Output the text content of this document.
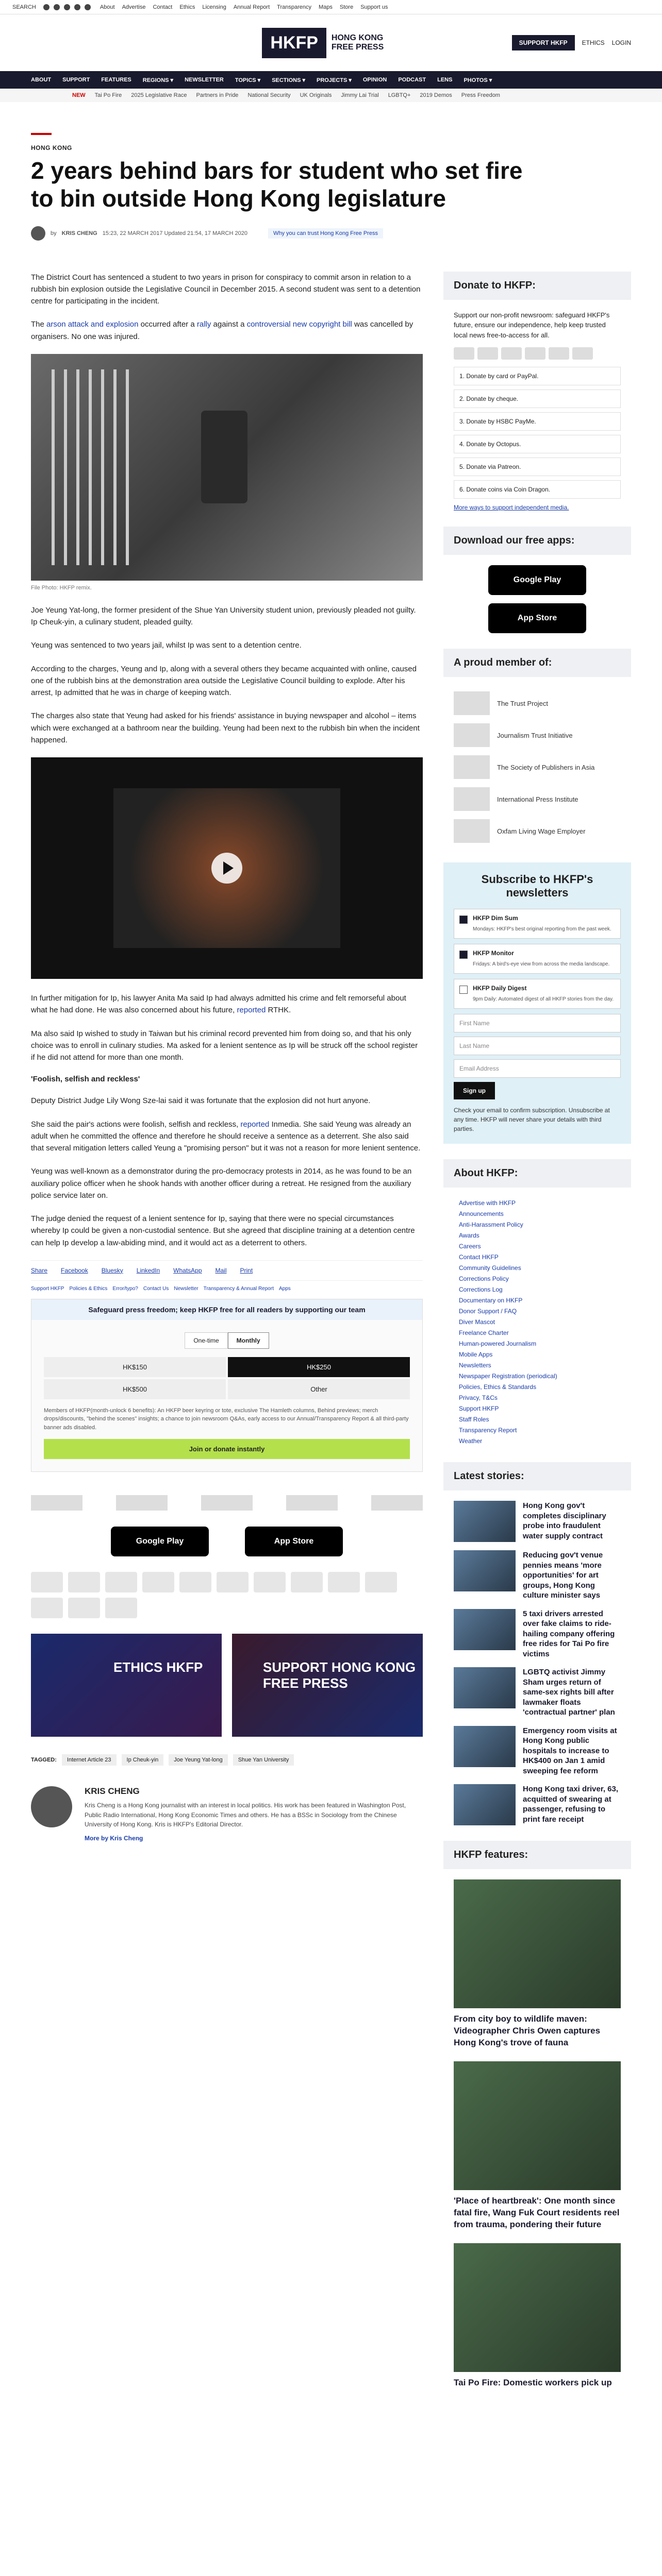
SEARCH	About Advertise Contact Ethics Licensing Annual Report Transparency Maps Store Support us
HKFP	HONG KONG
FREE PRESS	SUPPORT HKFP	ETHICS LOGIN
ABOUT SUPPORT FEATURES REGIONS ▾ NEWSLETTER TOPICS ▾ SECTIONS ▾ PROJECTS ▾ OPINION PODCAST LENS PHOTOS ▾
NEW Tai Po Fire 2025 Legislative Race Partners in Pride National Security UK Originals Jimmy Lai Trial LGBTQ+ 2019 Demos Press Freedom
HONG KONG
2 years behind bars for student who set fire to bin outside Hong Kong legislature
by KRIS CHENG 15:23, 22 MARCH 2017 Updated 21:54, 17 MARCH 2020	Why you can trust Hong Kong Free Press

The District Court has sentenced a student to two years in prison for conspiracy to commit arson in relation to a rubbish bin explosion outside the Legislative Council in December 2015. A second student was sent to a detention centre for participating in the incident.

The arson attack and explosion occurred after a rally against a controversial new copyright bill was cancelled by organisers. No one was injured.

File Photo: HKFP remix.

Joe Yeung Yat-long, the former president of the Shue Yan University student union, previously pleaded not guilty. Ip Cheuk-yin, a culinary student, pleaded guilty.

Yeung was sentenced to two years jail, whilst Ip was sent to a detention centre.

According to the charges, Yeung and Ip, along with a several others they became acquainted with online, caused one of the rubbish bins at the demonstration area outside the Legislative Council building to explode. After his arrest, Ip admitted that he was in charge of keeping watch.

The charges also state that Yeung had asked for his friends' assistance in buying newspaper and alcohol – items which were exchanged at a bathroom near the building. Yeung had been next to the rubbish bin when the incident happened.

In further mitigation for Ip, his lawyer Anita Ma said Ip had always admitted his crime and felt remorseful about what he had done. He was also concerned about his future, reported RTHK.

Ma also said Ip wished to study in Taiwan but his criminal record prevented him from doing so, and that his only choice was to enroll in culinary studies. Ma asked for a lenient sentence as Ip will be struck off the school register if he did not attend for more than one month.

'Foolish, selfish and reckless'

Deputy District Judge Lily Wong Sze-lai said it was fortunate that the explosion did not hurt anyone.

She said the pair's actions were foolish, selfish and reckless, reported Inmedia. She said Yeung was already an adult when he committed the offence and therefore he should receive a sentence as a deterrent. She also said that several mitigation letters called Yeung a "promising person" but it was not a reason for more lenient sentence.

Yeung was well-known as a demonstrator during the pro-democracy protests in 2014, as he was found to be an auxiliary police officer when he shook hands with another officer during a retreat. He resigned from the auxiliary police service later on.

The judge denied the request of a lenient sentence for Ip, saying that there were no special circumstances whereby Ip could be given a non-custodial sentence. But she agreed that discipline training at a detention centre can help Ip develop a law-abiding mind, and it would act as a deterrent to others.

Share Facebook Bluesky LinkedIn WhatsApp Mail Print
Support HKFP Policies & Ethics Error/typo? Contact Us Newsletter Transparency & Annual Report Apps
Safeguard press freedom; keep HKFP free for all readers by supporting our team
One-time	Monthly
HK$150	HK$250
HK$500	Other
Members of HKFP(month-unlock 6 benefits): An HKFP beer keyring or tote, exclusive The Hamleth columns, Behind previews; merch drops/discounts, "behind the scenes" insights; a chance to join newsroom Q&As, early access to our Annual/Transparency Report & all third-party banner ads disabled.
Join or donate instantly
Google Play	App Store
ETHICS HKFP	SUPPORT HONG KONG FREE PRESS
TAGGED:	Internet Article 23	Ip Cheuk-yin	Joe Yeung Yat-long	Shue Yan University
KRIS CHENG

Kris Cheng is a Hong Kong journalist with an interest in local politics. His work has been featured in Washington Post, Public Radio International, Hong Kong Economic Times and others. He has a BSSc in Sociology from the Chinese University of Hong Kong. Kris is HKFP's Editorial Director.

More by Kris Cheng
Donate to HKFP:

Support our non-profit newsroom: safeguard HKFP's future, ensure our independence, help keep trusted local news free-to-access for all.

1. Donate by card or PayPal.
2. Donate by cheque.
3. Donate by HSBC PayMe.
4. Donate by Octopus.
5. Donate via Patreon.
6. Donate coins via Coin Dragon.
More ways to support independent media.
Download our free apps:
Google Play
App Store
A proud member of:
The Trust Project
Journalism Trust Initiative
The Society of Publishers in Asia
International Press Institute
Oxfam Living Wage Employer
Subscribe to HKFP's newsletters
HKFP Dim Sum
Mondays: HKFP's best original reporting from the past week.
HKFP Monitor
Fridays: A bird's-eye view from across the media landscape.
HKFP Daily Digest
9pm Daily: Automated digest of all HKFP stories from the day.
First Name
Last Name
Email Address
Sign up

Check your email to confirm subscription. Unsubscribe at any time. HKFP will never share your details with third parties.

About HKFP:
Advertise with HKFP
Announcements
Anti-Harassment Policy
Awards
Careers
Contact HKFP
Community Guidelines
Corrections Policy
Corrections Log
Documentary on HKFP
Donor Support / FAQ
Diver Mascot
Freelance Charter
Human-powered Journalism
Mobile Apps
Newsletters
Newspaper Registration (periodical)
Policies, Ethics & Standards
Privacy, T&Cs
Support HKFP
Staff Roles
Transparency Report
Weather
Latest stories:
Hong Kong gov't completes disciplinary probe into fraudulent water supply contract
Reducing gov't venue pennies means 'more opportunities' for art groups, Hong Kong culture minister says
5 taxi drivers arrested over fake claims to ride-hailing company offering free rides for Tai Po fire victims
LGBTQ activist Jimmy Sham urges return of same-sex rights bill after lawmaker floats 'contractual partner' plan
Emergency room visits at Hong Kong public hospitals to increase to HK$400 on Jan 1 amid sweeping fee reform
Hong Kong taxi driver, 63, acquitted of swearing at passenger, refusing to print fare receipt
HKFP features:
From city boy to wildlife maven: Videographer Chris Owen captures Hong Kong's trove of fauna
'Place of heartbreak': One month since fatal fire, Wang Fuk Court residents reel from trauma, pondering their future
Tai Po Fire: Domestic workers pick up
